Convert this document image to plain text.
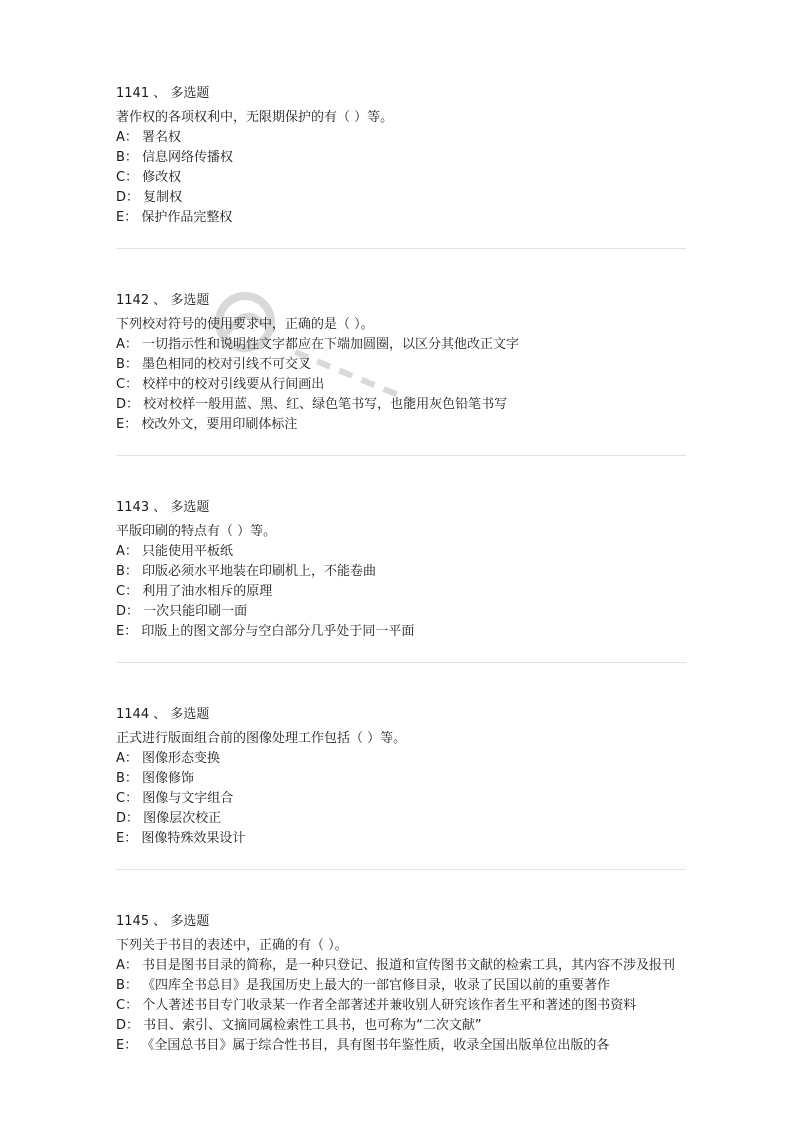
1141 、 多选题
著作权的各项权利中，无限期保护的有（ ）等。
A： 署名权
B： 信息网络传播权
C： 修改权
D： 复制权
E： 保护作品完整权
1142 、 多选题
下列校对符号的使用要求中，正确的是（ ）。
A： 一切指示性和说明性文字都应在下端加圆圈，以区分其他改正文字
B： 墨色相同的校对引线不可交叉
C： 校样中的校对引线要从行间画出
D： 校对校样一般用蓝、黑、红、绿色笔书写，也能用灰色铅笔书写
E： 校改外文，要用印刷体标注
1143 、 多选题
平版印刷的特点有（ ）等。
A： 只能使用平板纸
B： 印版必须水平地装在印刷机上，不能卷曲
C： 利用了油水相斥的原理
D： 一次只能印刷一面
E： 印版上的图文部分与空白部分几乎处于同一平面
1144 、 多选题
正式进行版面组合前的图像处理工作包括（ ）等。
A： 图像形态变换
B： 图像修饰
C： 图像与文字组合
D： 图像层次校正
E： 图像特殊效果设计
1145 、 多选题
下列关于书目的表述中，正确的有（ ）。
A： 书目是图书目录的简称，是一种只登记、报道和宣传图书文献的检索工具，其内容不涉及报刊
B： 《四库全书总目》是我国历史上最大的一部官修目录，收录了民国以前的重要著作
C： 个人著述书目专门收录某一作者全部著述并兼收别人研究该作者生平和著述的图书资料
D： 书目、索引、文摘同属检索性工具书，也可称为“二次文献”
E： 《全国总书目》属于综合性书目，具有图书年鉴性质，收录全国出版单位出版的各
